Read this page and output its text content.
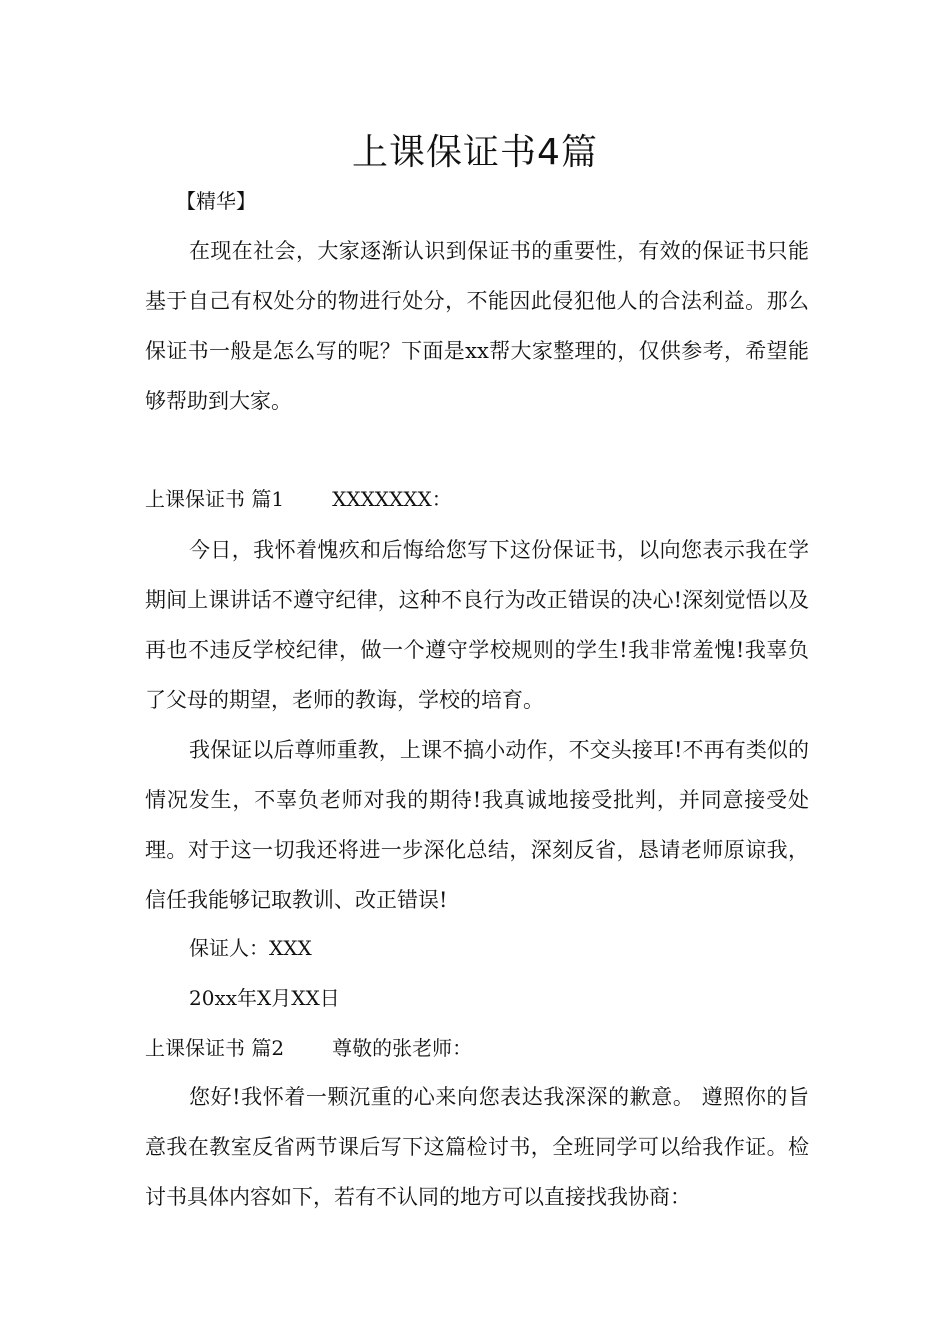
上课保证书4篇
【精华】
在现在社会，大家逐渐认识到保证书的重要性，有效的保证书只能基于自己有权处分的物进行处分，不能因此侵犯他人的合法利益。那么保证书一般是怎么写的呢？下面是xx帮大家整理的，仅供参考，希望能够帮助到大家。
上课保证书 篇1 XXXXXXX：
今日，我怀着愧疚和后悔给您写下这份保证书，以向您表示我在学期间上课讲话不遵守纪律，这种不良行为改正错误的决心!深刻觉悟以及再也不违反学校纪律，做一个遵守学校规则的学生!我非常羞愧!我辜负了父母的期望，老师的教诲，学校的培育。
我保证以后尊师重教，上课不搞小动作，不交头接耳!不再有类似的情况发生，不辜负老师对我的期待!我真诚地接受批判，并同意接受处理。对于这一切我还将进一步深化总结，深刻反省，恳请老师原谅我，信任我能够记取教训、改正错误!
保证人：XXX
20xx年X月XX日
上课保证书 篇2 尊敬的张老师：
您好!我怀着一颗沉重的心来向您表达我深深的歉意。 遵照你的旨意我在教室反省两节课后写下这篇检讨书，全班同学可以给我作证。检讨书具体内容如下，若有不认同的地方可以直接找我协商：
